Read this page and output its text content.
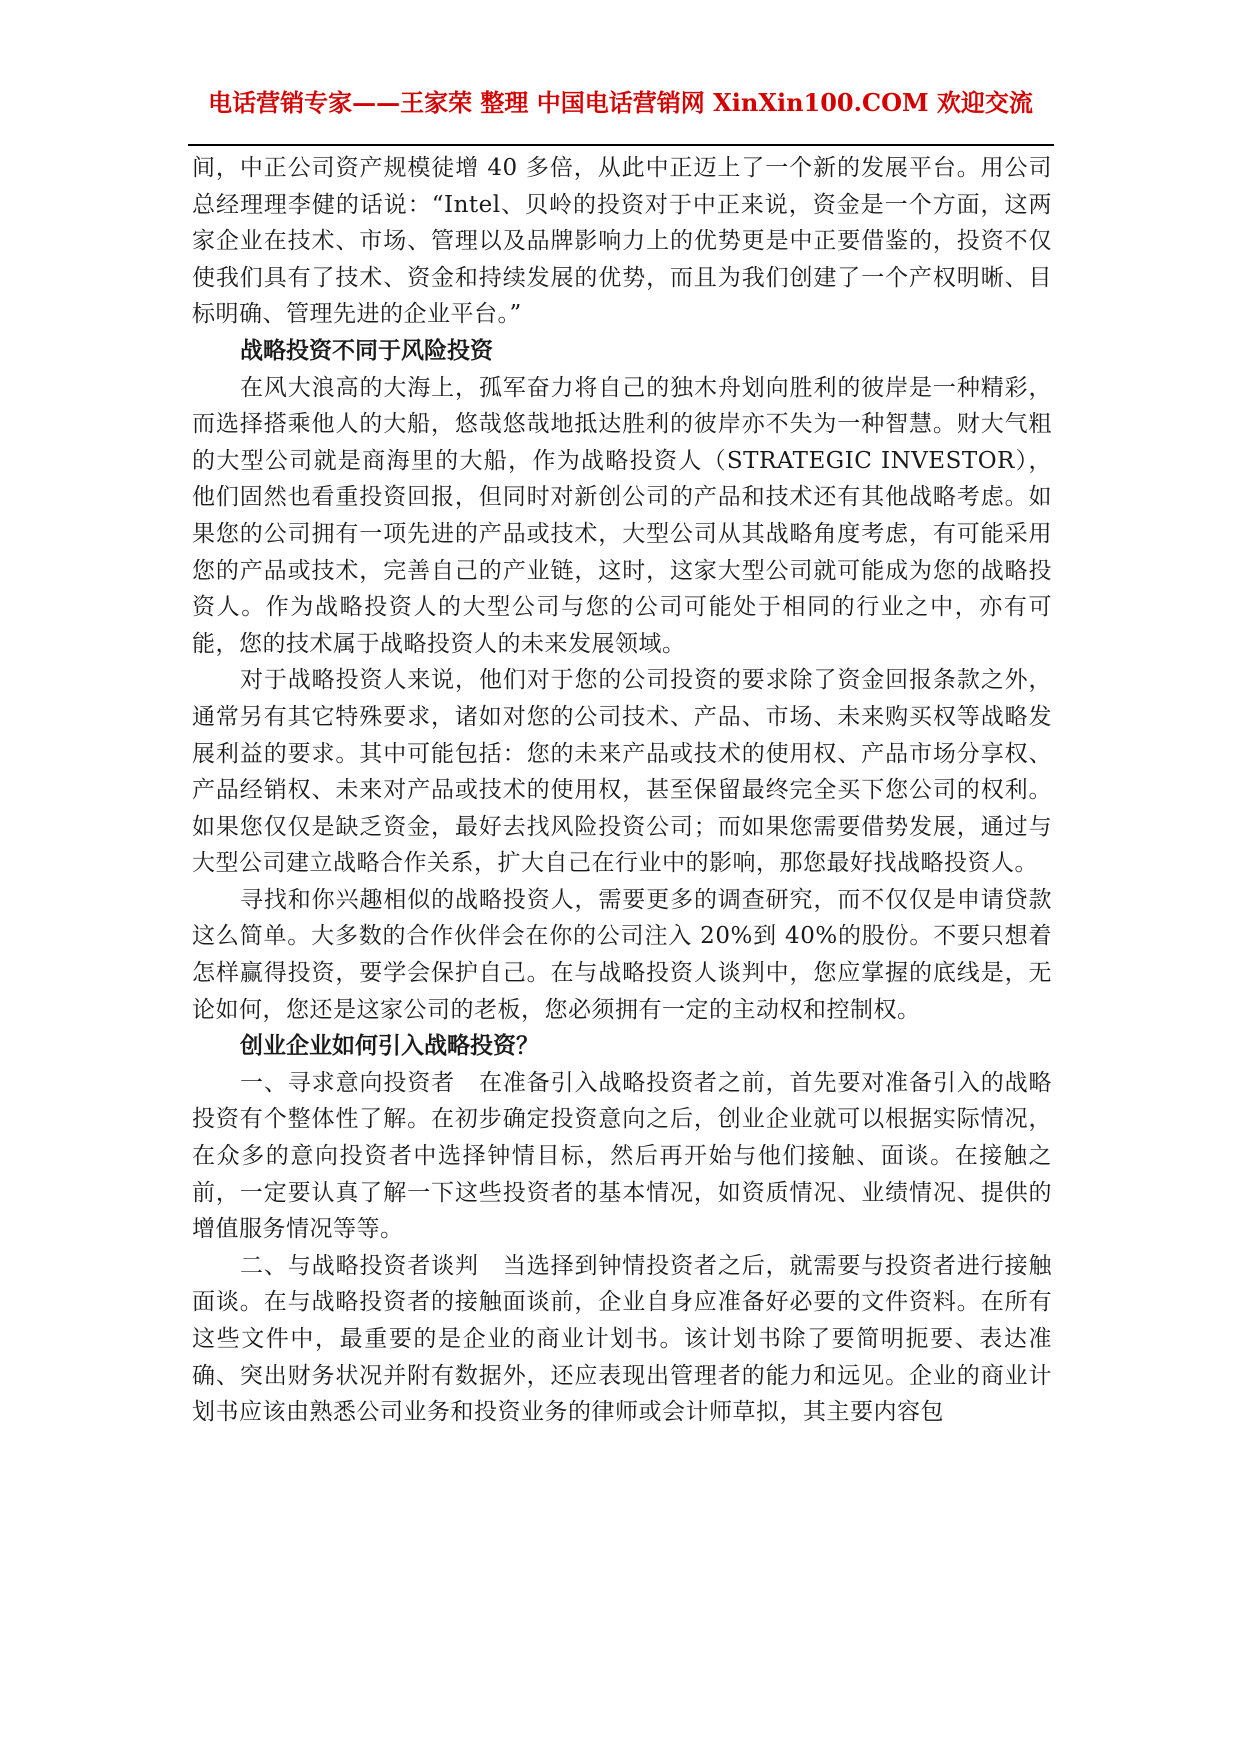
电话营销专家——王家荣 整理 中国电话营销网 XinXin100.COM 欢迎交流

间，中正公司资产规模徒增 40 多倍，从此中正迈上了一个新的发展平台。用公司总经理理李健的话说：“Intel、贝岭的投资对于中正来说，资金是一个方面，这两家企业在技术、市场、管理以及品牌影响力上的优势更是中正要借鉴的，投资不仅使我们具有了技术、资金和持续发展的优势，而且为我们创建了一个产权明晰、目标明确、管理先进的企业平台。”

战略投资不同于风险投资

在风大浪高的大海上，孤军奋力将自己的独木舟划向胜利的彼岸是一种精彩，而选择搭乘他人的大船，悠哉悠哉地抵达胜利的彼岸亦不失为一种智慧。财大气粗的大型公司就是商海里的大船，作为战略投资人（STRATEGIC INVESTOR），他们固然也看重投资回报，但同时对新创公司的产品和技术还有其他战略考虑。如果您的公司拥有一项先进的产品或技术，大型公司从其战略角度考虑，有可能采用您的产品或技术，完善自己的产业链，这时，这家大型公司就可能成为您的战略投资人。作为战略投资人的大型公司与您的公司可能处于相同的行业之中，亦有可能，您的技术属于战略投资人的未来发展领域。

对于战略投资人来说，他们对于您的公司投资的要求除了资金回报条款之外，通常另有其它特殊要求，诸如对您的公司技术、产品、市场、未来购买权等战略发展利益的要求。其中可能包括：您的未来产品或技术的使用权、产品市场分享权、产品经销权、未来对产品或技术的使用权，甚至保留最终完全买下您公司的权利。如果您仅仅是缺乏资金，最好去找风险投资公司；而如果您需要借势发展，通过与大型公司建立战略合作关系，扩大自己在行业中的影响，那您最好找战略投资人。

寻找和你兴趣相似的战略投资人，需要更多的调查研究，而不仅仅是申请贷款这么简单。大多数的合作伙伴会在你的公司注入 20%到 40%的股份。不要只想着怎样赢得投资，要学会保护自己。在与战略投资人谈判中，您应掌握的底线是，无论如何，您还是这家公司的老板，您必须拥有一定的主动权和控制权。

创业企业如何引入战略投资？

一、寻求意向投资者　在准备引入战略投资者之前，首先要对准备引入的战略投资有个整体性了解。在初步确定投资意向之后，创业企业就可以根据实际情况，在众多的意向投资者中选择钟情目标，然后再开始与他们接触、面谈。在接触之前，一定要认真了解一下这些投资者的基本情况，如资质情况、业绩情况、提供的增值服务情况等等。

二、与战略投资者谈判　当选择到钟情投资者之后，就需要与投资者进行接触面谈。在与战略投资者的接触面谈前，企业自身应准备好必要的文件资料。在所有这些文件中，最重要的是企业的商业计划书。该计划书除了要简明扼要、表达准确、突出财务状况并附有数据外，还应表现出管理者的能力和远见。企业的商业计划书应该由熟悉公司业务和投资业务的律师或会计师草拟，其主要内容包
